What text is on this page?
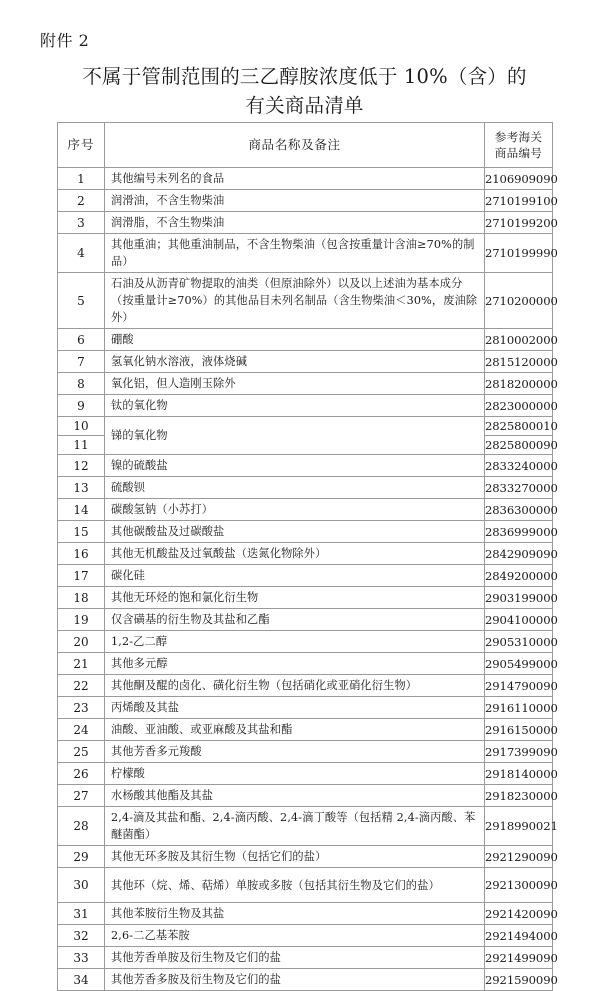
附件 2
不属于管制范围的三乙醇胺浓度低于 10%（含）的
有关商品清单
序号	商品名称及备注	参考海关
商品编号

1	其他编号未列名的食品	2106909090
2	润滑油，不含生物柴油	2710199100
3	润滑脂，不含生物柴油	2710199200
4	其他重油；其他重油制品，不含生物柴油（包含按重量计含油≥70%的制品）	2710199990
5	石油及从沥青矿物提取的油类（但原油除外）以及以上述油为基本成分（按重量计≥70%）的其他品目未列名制品（含生物柴油＜30%，废油除外）	2710200000
6	硼酸	2810002000
7	氢氧化钠水溶液，液体烧碱	2815120000
8	氧化铝，但人造刚玉除外	2818200000
9	钛的氧化物	2823000000
10	锑的氧化物	2825800010
11		2825800090
12	镍的硫酸盐	2833240000
13	硫酸钡	2833270000
14	碳酸氢钠（小苏打）	2836300000
15	其他碳酸盐及过碳酸盐	2836999000
16	其他无机酸盐及过氧酸盐（迭氮化物除外）	2842909090
17	碳化硅	2849200000
18	其他无环烃的饱和氯化衍生物	2903199000
19	仅含磺基的衍生物及其盐和乙酯	2904100000
20	1,2-乙二醇	2905310000
21	其他多元醇	2905499000
22	其他酮及醌的卤化、磺化衍生物（包括硝化或亚硝化衍生物）	2914790090
23	丙烯酸及其盐	2916110000
24	油酸、亚油酸、或亚麻酸及其盐和酯	2916150000
25	其他芳香多元羧酸	2917399090
26	柠檬酸	2918140000
27	水杨酸其他酯及其盐	2918230000
28	2,4-滴及其盐和酯、2,4-滴丙酸、2,4-滴丁酸等（包括精 2,4-滴丙酸、苯醚菌酯）	2918990021
29	其他无环多胺及其衍生物（包括它们的盐）	2921290090
30	其他环（烷、烯、萜烯）单胺或多胺（包括其衍生物及它们的盐）	2921300090
31	其他苯胺衍生物及其盐	2921420090
32	2,6-二乙基苯胺	2921494000
33	其他芳香单胺及衍生物及它们的盐	2921499090
34	其他芳香多胺及衍生物及它们的盐	2921590090
